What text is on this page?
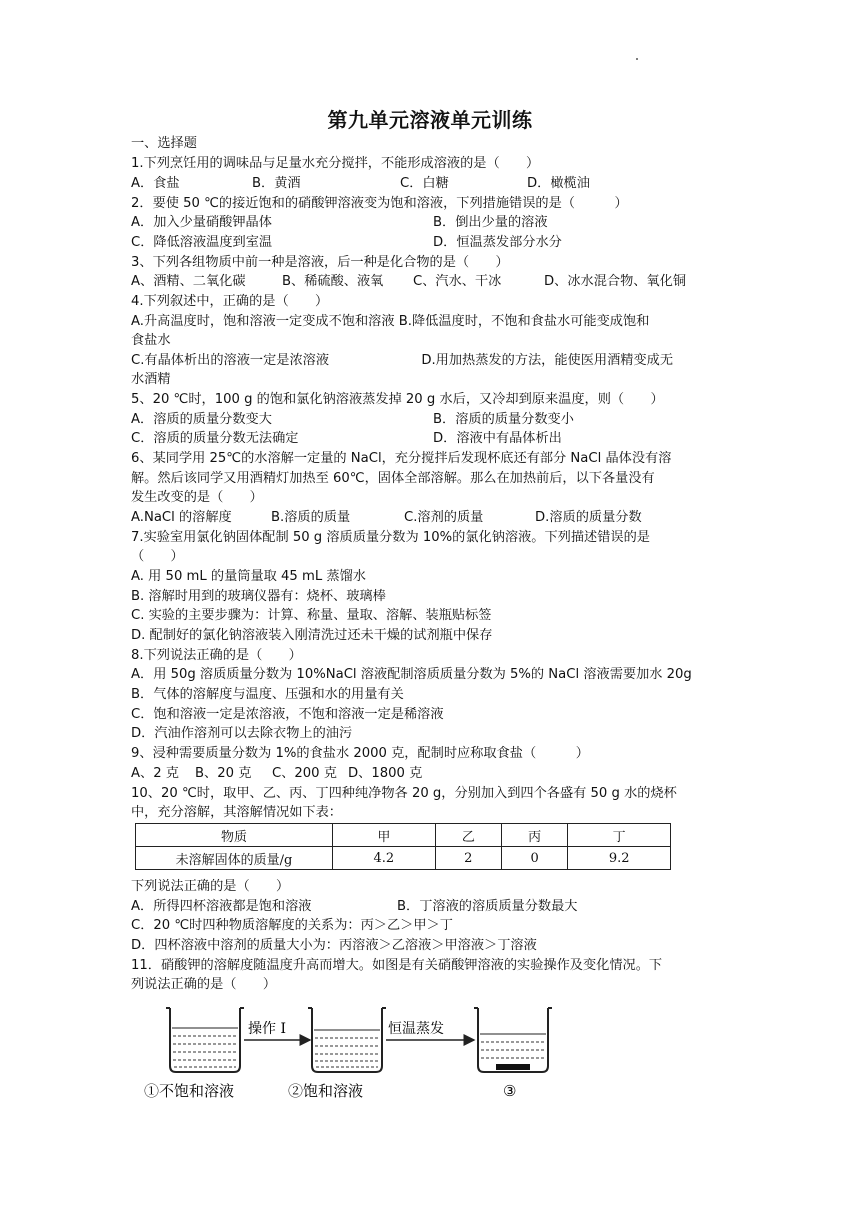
第九单元溶液单元训练
一、选择题
1.下列烹饪用的调味品与足量水充分搅拌，不能形成溶液的是（　　）
A．食盐	B．黄酒	C．白糖	D．橄榄油
2．要使 50 ℃的接近饱和的硝酸钾溶液变为饱和溶液，下列措施错误的是（　　　）
A．加入少量硝酸钾晶体	B．倒出少量的溶液
C．降低溶液温度到室温	D．恒温蒸发部分水分
3、下列各组物质中前一种是溶液，后一种是化合物的是（　　）
A、酒精、二氧化碳	B、稀硫酸、液氧 C、汽水、干冰	D、冰水混合物、氧化铜
4.下列叙述中，正确的是（　　）
A.升高温度时，饱和溶液一定变成不饱和溶液 B.降低温度时，不饱和食盐水可能变成饱和
食盐水
C.有晶体析出的溶液一定是浓溶液　　　　　　　D.用加热蒸发的方法，能使医用酒精变成无
水酒精
5、20 ℃时，100 g 的饱和氯化钠溶液蒸发掉 20 g 水后，又冷却到原来温度，则（　　）
A．溶质的质量分数变大	B．溶质的质量分数变小
C．溶质的质量分数无法确定	D．溶液中有晶体析出
6、某同学用 25℃的水溶解一定量的 NaCl，充分搅拌后发现杯底还有部分 NaCl 晶体没有溶
解。然后该同学又用酒精灯加热至 60℃，固体全部溶解。那么在加热前后，以下各量没有
发生改变的是（　　）
A.NaCl 的溶解度	B.溶质的质量	C.溶剂的质量	D.溶质的质量分数
7.实验室用氯化钠固体配制 50 g 溶质质量分数为 10%的氯化钠溶液。下列描述错误的是
（　　）
A. 用 50 mL 的量筒量取 45 mL 蒸馏水
B. 溶解时用到的玻璃仪器有：烧杯、玻璃棒
C. 实验的主要步骤为：计算、称量、量取、溶解、装瓶贴标签
D. 配制好的氯化钠溶液装入刚清洗过还未干燥的试剂瓶中保存
8.下列说法正确的是（　　）
A．用 50g 溶质质量分数为 10%NaCl 溶液配制溶质质量分数为 5%的 NaCl 溶液需要加水 20g
B．气体的溶解度与温度、压强和水的用量有关
C．饱和溶液一定是浓溶液，不饱和溶液一定是稀溶液
D．汽油作溶剂可以去除衣物上的油污
9、浸种需要质量分数为 1%的食盐水 2000 克，配制时应称取食盐（　　　）
A、2 克 B、20 克 C、200 克 D、1800 克
10、20 ℃时，取甲、乙、丙、丁四种纯净物各 20 g，分别加入到四个各盛有 50 g 水的烧杯
中，充分溶解，其溶解情况如下表：
物质	甲	乙	丙	丁
未溶解固体的质量/g	4.2	2	0	9.2
下列说法正确的是（　　）
A．所得四杯溶液都是饱和溶液	B．丁溶液的溶质质量分数最大
C．20 ℃时四种物质溶解度的关系为：丙＞乙＞甲＞丁
D．四杯溶液中溶剂的质量大小为：丙溶液＞乙溶液＞甲溶液＞丁溶液
11．硝酸钾的溶解度随温度升高而增大。如图是有关硝酸钾溶液的实验操作及变化情况。下
列说法正确的是（　　）
操作 I	恒温蒸发
①不饱和溶液	②饱和溶液	③
